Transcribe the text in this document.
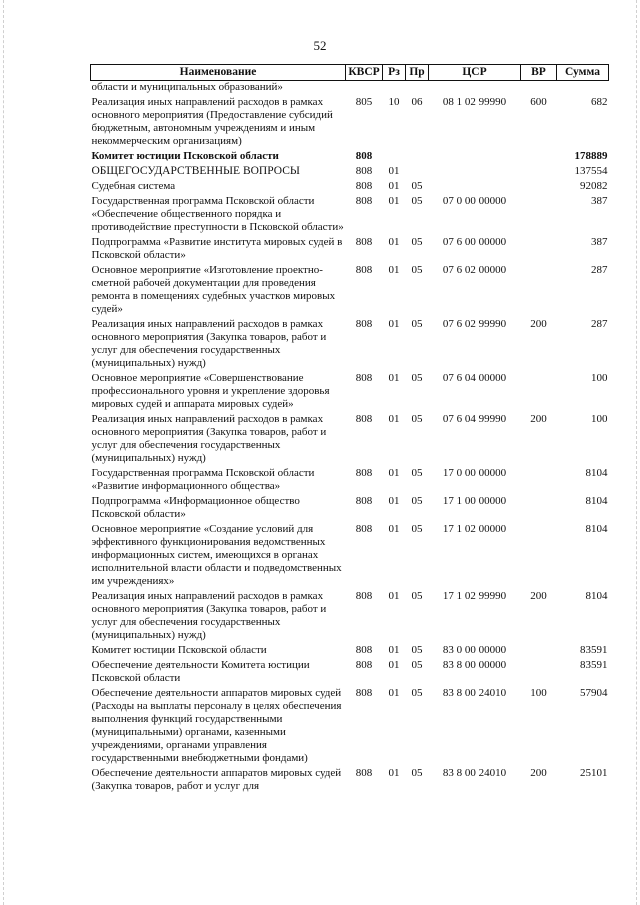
52
Наименование	КВСР	Рз	Пр	ЦСР	ВР	Сумма
области и муниципальных образований»						
Реализация иных направлений расходов в рамках основного мероприятия (Предоставление субсидий бюджетным, автономным учреждениям и иным некоммерческим организациям)	805	10	06	08 1 02 99990	600	682
Комитет юстиции Псковской области	808					178889
ОБЩЕГОСУДАРСТВЕННЫЕ ВОПРОСЫ	808	01				137554
Судебная система	808	01	05			92082
Государственная программа Псковской области «Обеспечение общественного порядка и противодействие преступности в Псковской области»	808	01	05	07 0 00 00000		387
Подпрограмма «Развитие института мировых судей в Псковской области»	808	01	05	07 6 00 00000		387
Основное мероприятие «Изготовление проектно-сметной рабочей документации для проведения ремонта в помещениях судебных участков мировых судей»	808	01	05	07 6 02 00000		287
Реализация иных направлений расходов в рамках основного мероприятия (Закупка товаров, работ и услуг для обеспечения государственных (муниципальных) нужд)	808	01	05	07 6 02 99990	200	287
Основное мероприятие «Совершенствование профессионального уровня и укрепление здоровья мировых судей и аппарата мировых судей»	808	01	05	07 6 04 00000		100
Реализация иных направлений расходов в рамках основного мероприятия (Закупка товаров, работ и услуг для обеспечения государственных (муниципальных) нужд)	808	01	05	07 6 04 99990	200	100
Государственная программа Псковской области «Развитие информационного общества»	808	01	05	17 0 00 00000		8104
Подпрограмма «Информационное общество Псковской области»	808	01	05	17 1 00 00000		8104
Основное мероприятие «Создание условий для эффективного функционирования ведомственных информационных систем, имеющихся в органах исполнительной власти области и подведомственных им учреждениях»	808	01	05	17 1 02 00000		8104
Реализация иных направлений расходов в рамках основного мероприятия (Закупка товаров, работ и услуг для обеспечения государственных (муниципальных) нужд)	808	01	05	17 1 02 99990	200	8104
Комитет юстиции Псковской области	808	01	05	83 0 00 00000		83591
Обеспечение деятельности Комитета юстиции Псковской области	808	01	05	83 8 00 00000		83591
Обеспечение деятельности аппаратов мировых судей (Расходы на выплаты персоналу в целях обеспечения выполнения функций государственными (муниципальными) органами, казенными учреждениями, органами управления государственными внебюджетными фондами)	808	01	05	83 8 00 24010	100	57904
Обеспечение деятельности аппаратов мировых судей (Закупка товаров, работ и услуг для	808	01	05	83 8 00 24010	200	25101
